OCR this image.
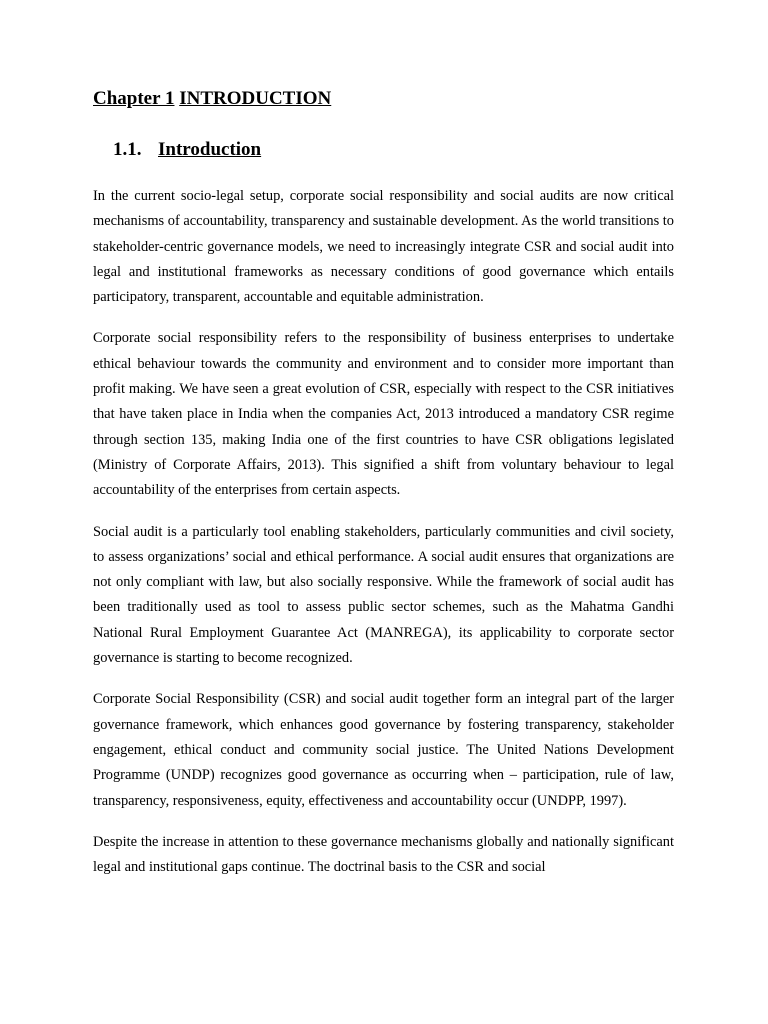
Chapter 1 INTRODUCTION
1.1. Introduction

In the current socio-legal setup, corporate social responsibility and social audits are now critical mechanisms of accountability, transparency and sustainable development. As the world transitions to stakeholder-centric governance models, we need to increasingly integrate CSR and social audit into legal and institutional frameworks as necessary conditions of good governance which entails participatory, transparent, accountable and equitable administration.

Corporate social responsibility refers to the responsibility of business enterprises to undertake ethical behaviour towards the community and environment and to consider more important than profit making. We have seen a great evolution of CSR, especially with respect to the CSR initiatives that have taken place in India when the companies Act, 2013 introduced a mandatory CSR regime through section 135, making India one of the first countries to have CSR obligations legislated (Ministry of Corporate Affairs, 2013). This signified a shift from voluntary behaviour to legal accountability of the enterprises from certain aspects.

Social audit is a particularly tool enabling stakeholders, particularly communities and civil society, to assess organizations’ social and ethical performance. A social audit ensures that organizations are not only compliant with law, but also socially responsive. While the framework of social audit has been traditionally used as tool to assess public sector schemes, such as the Mahatma Gandhi National Rural Employment Guarantee Act (MANREGA), its applicability to corporate sector governance is starting to become recognized.

Corporate Social Responsibility (CSR) and social audit together form an integral part of the larger governance framework, which enhances good governance by fostering transparency, stakeholder engagement, ethical conduct and community social justice. The United Nations Development Programme (UNDP) recognizes good governance as occurring when – participation, rule of law, transparency, responsiveness, equity, effectiveness and accountability occur (UNDPP, 1997).

Despite the increase in attention to these governance mechanisms globally and nationally significant legal and institutional gaps continue. The doctrinal basis to the CSR and social
